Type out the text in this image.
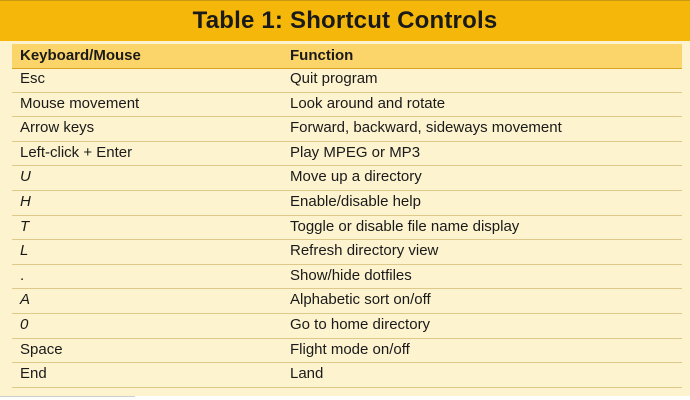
Table 1: Shortcut Controls
Keyboard/Mouse	Function
Esc	Quit program
Mouse movement	Look around and rotate
Arrow keys	Forward, backward, sideways movement
Left-click + Enter	Play MPEG or MP3
U	Move up a directory
H	Enable/disable help
T	Toggle or disable file name display
L	Refresh directory view
.	Show/hide dotfiles
A	Alphabetic sort on/off
0	Go to home directory
Space	Flight mode on/off
End	Land
